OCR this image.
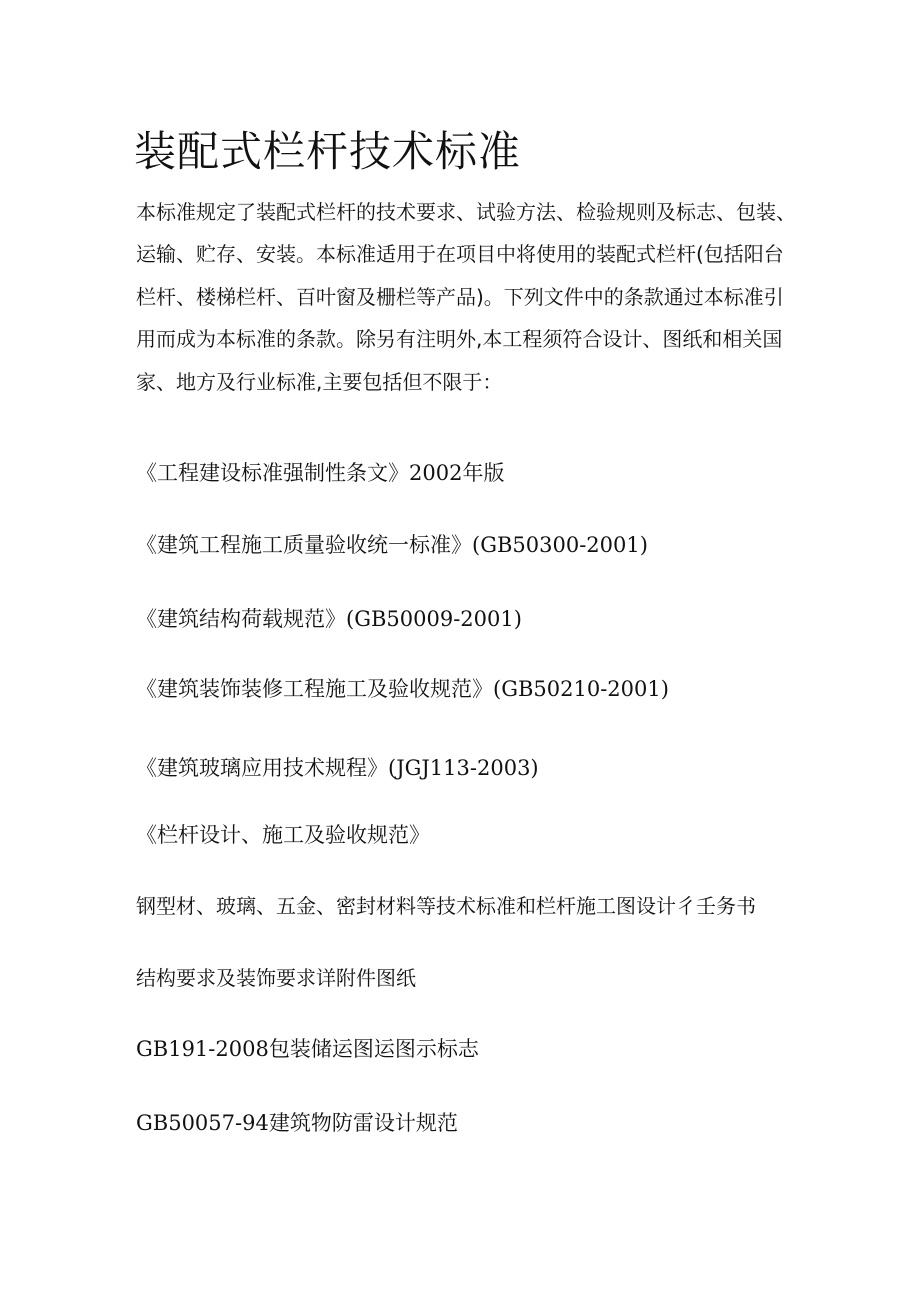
装配式栏杆技术标准

本标准规定了装配式栏杆的技术要求、试验方法、检验规则及标志、包装、
运输、贮存、安装。本标准适用于在项目中将使用的装配式栏杆(包括阳台
栏杆、楼梯栏杆、百叶窗及栅栏等产品)。下列文件中的条款通过本标准引
用而成为本标准的条款。除另有注明外,本工程须符合设计、图纸和相关国
家、地方及行业标准,主要包括但不限于：

《工程建设标准强制性条文》2002年版

《建筑工程施工质量验收统一标准》(GB50300-2001)

《建筑结构荷载规范》(GB50009-2001)

《建筑装饰装修工程施工及验收规范》(GB50210-2001)

《建筑玻璃应用技术规程》(JGJ113-2003)

《栏杆设计、施工及验收规范》

钢型材、玻璃、五金、密封材料等技术标准和栏杆施工图设计彳壬务书

结构要求及装饰要求详附件图纸

GB191-2008包装储运图运图示标志

GB50057-94建筑物防雷设计规范
